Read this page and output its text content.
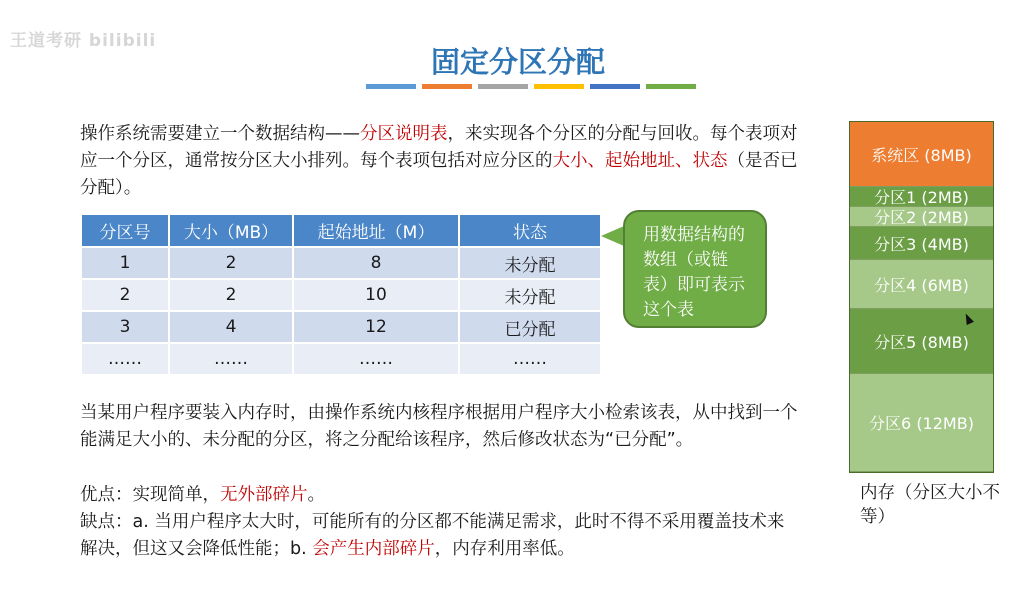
王道考研 bilibili
固定分区分配
操作系统需要建立一个数据结构——分区说明表，来实现各个分区的分配与回收。每个表项对应一个分区，通常按分区大小排列。每个表项包括对应分区的大小、起始地址、状态（是否已分配）。
分区号	大小（MB）	起始地址（M）	状态
1	2	8	未分配
2	2	10	未分配
3	4	12	已分配
……	……	……	……
用数据结构的数组（或链表）即可表示这个表
当某用户程序要装入内存时，由操作系统内核程序根据用户程序大小检索该表，从中找到一个能满足大小的、未分配的分区，将之分配给该程序，然后修改状态为“已分配”。
优点：实现简单，无外部碎片。
缺点：a. 当用户程序太大时，可能所有的分区都不能满足需求，此时不得不采用覆盖技术来解决，但这又会降低性能；b. 会产生内部碎片，内存利用率低。
系统区 (8MB)
分区1 (2MB)
分区2 (2MB)
分区3 (4MB)
分区4 (6MB)
分区5 (8MB)
分区6 (12MB)
内存（分区大小不等）
